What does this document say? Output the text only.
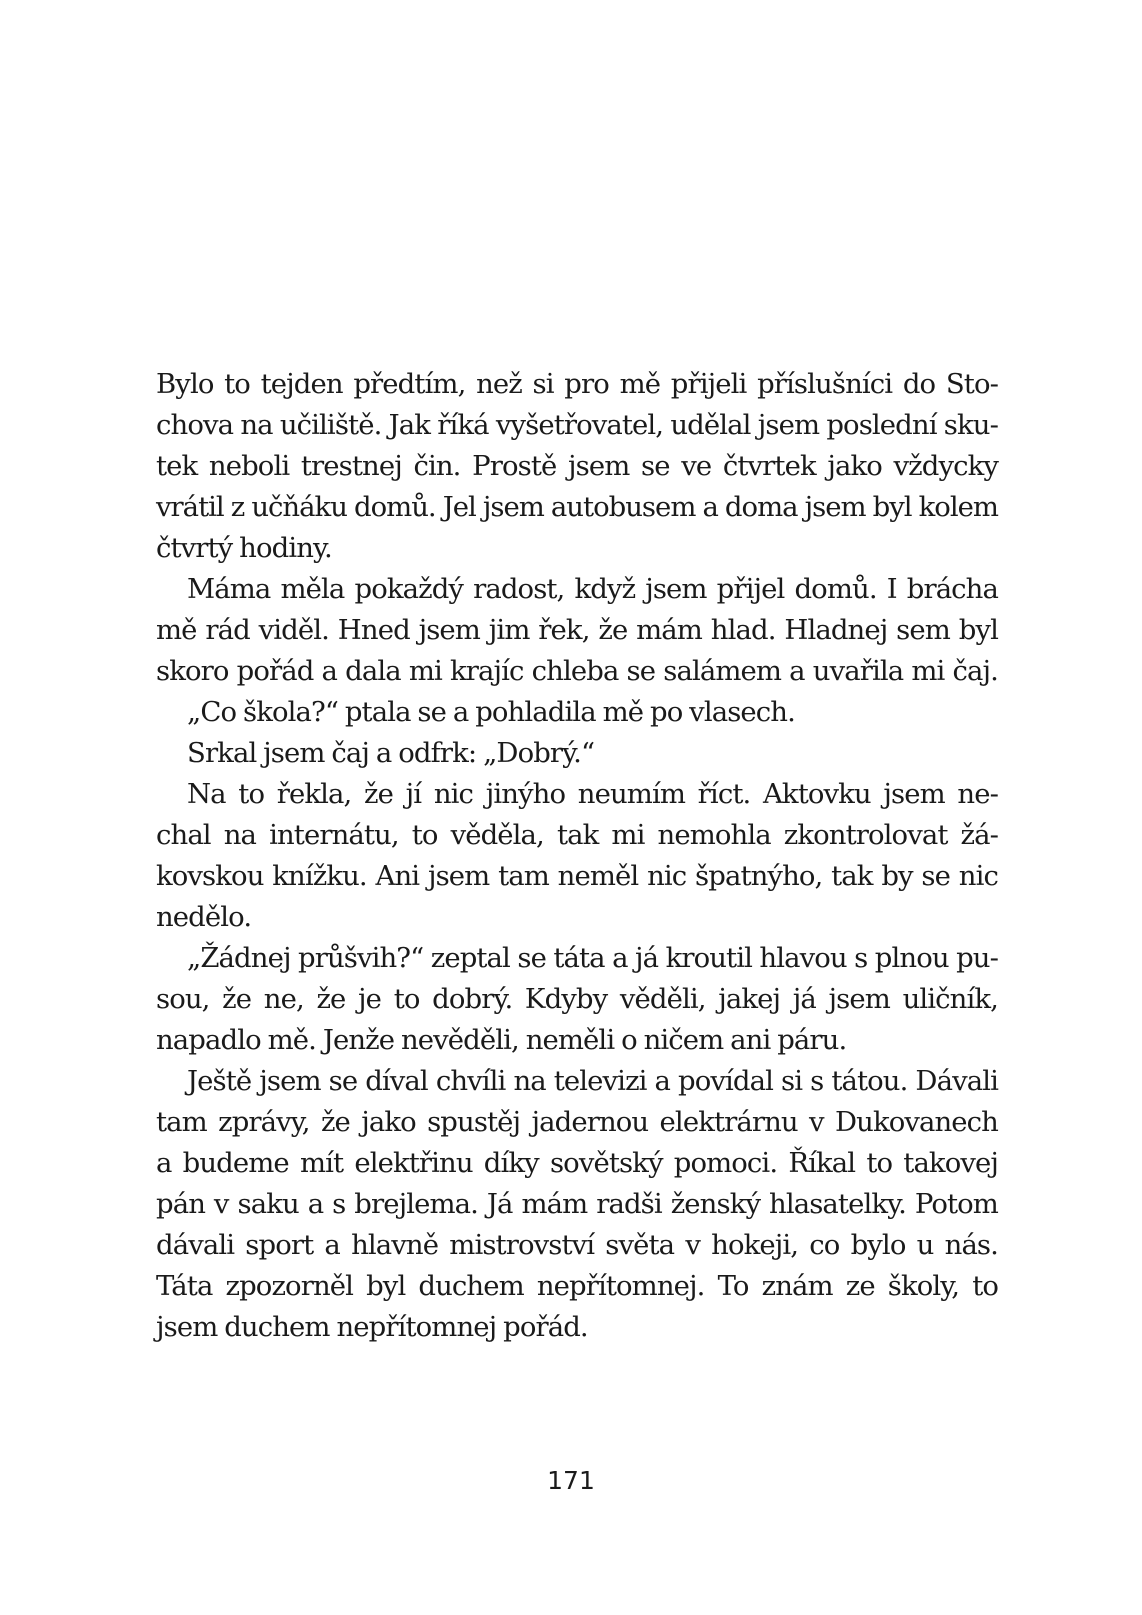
Bylo to tejden předtím, než si pro mě přijeli příslušníci do Sto-
chova na učiliště. Jak říká vyšetřovatel, udělal jsem poslední sku-
tek neboli trestnej čin. Prostě jsem se ve čtvrtek jako vždycky
vrátil z učňáku domů. Jel jsem autobusem a doma jsem byl kolem
čtvrtý hodiny.
Máma měla pokaždý radost, když jsem přijel domů. I brácha
mě rád viděl. Hned jsem jim řek, že mám hlad. Hladnej sem byl
skoro pořád a dala mi krajíc chleba se salámem a uvařila mi čaj.
„Co škola?“ ptala se a pohladila mě po vlasech.
Srkal jsem čaj a odfrk: „Dobrý.“
Na to řekla, že jí nic jinýho neumím říct. Aktovku jsem ne-
chal na internátu, to věděla, tak mi nemohla zkontrolovat žá-
kovskou knížku. Ani jsem tam neměl nic špatnýho, tak by se nic
nedělo.
„Žádnej průšvih?“ zeptal se táta a já kroutil hlavou s plnou pu-
sou, že ne, že je to dobrý. Kdyby věděli, jakej já jsem uličník,
napadlo mě. Jenže nevěděli, neměli o ničem ani páru.
Ještě jsem se díval chvíli na televizi a povídal si s tátou. Dávali
tam zprávy, že jako spustěj jadernou elektrárnu v Dukovanech
a budeme mít elektřinu díky sovětský pomoci. Říkal to takovej
pán v saku a s brejlema. Já mám radši ženský hlasatelky. Potom
dávali sport a hlavně mistrovství světa v hokeji, co bylo u nás.
Táta zpozorněl byl duchem nepřítomnej. To znám ze školy, to
jsem duchem nepřítomnej pořád.
171
